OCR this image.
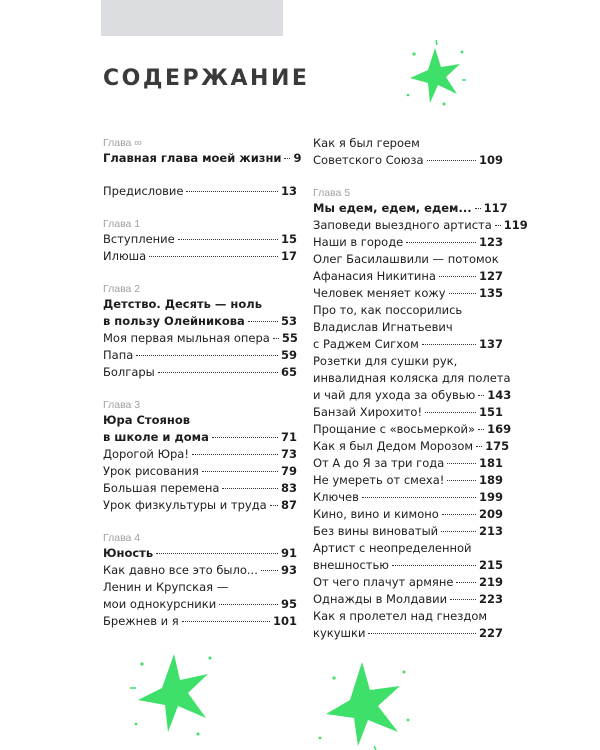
СОДЕРЖАНИЕ
Глава ∞
Главная глава моей жизни 9
Предисловие	13
Глава 1
Вступление	15
Илюша	17
Глава 2
Детство. Десять — ноль
в пользу Олейникова	53
Моя первая мыльная опера 55
Папа	59
Болгары	65
Глава 3
Юра Стоянов
в школе и дома	71
Дорогой Юра!	73
Урок рисования	79
Большая перемена	83
Урок физкультуры и труда 87
Глава 4
Юность	91
Как давно все это было... 93
Ленин и Крупская —
мои однокурсники	95
Брежнев и я	101
Как я был героем
Советского Союза	109
Глава 5
Мы едем, едем, едем... 117
Заповеди выездного артиста 119
Наши в городе	123
Олег Басилашвили — потомок
Афанасия Никитина	127
Человек меняет кожу	135
Про то, как поссорились
Владислав Игнатьевич
с Раджем Сигхом	137
Розетки для сушки рук,
инвалидная коляска для полета
и чай для ухода за обувью 143
Банзай Хирохито!	151
Прощание с «восьмеркой» 169
Как я был Дедом Морозом 175
От А до Я за три года	181
Не умереть от смеха!	189
Ключев	199
Кино, вино и кимоно	209
Без вины виноватый	213
Артист с неопределенной
внешностью	215
От чего плачут армяне 219
Однажды в Молдавии	223
Как я пролетел над гнездом
кукушки	227
